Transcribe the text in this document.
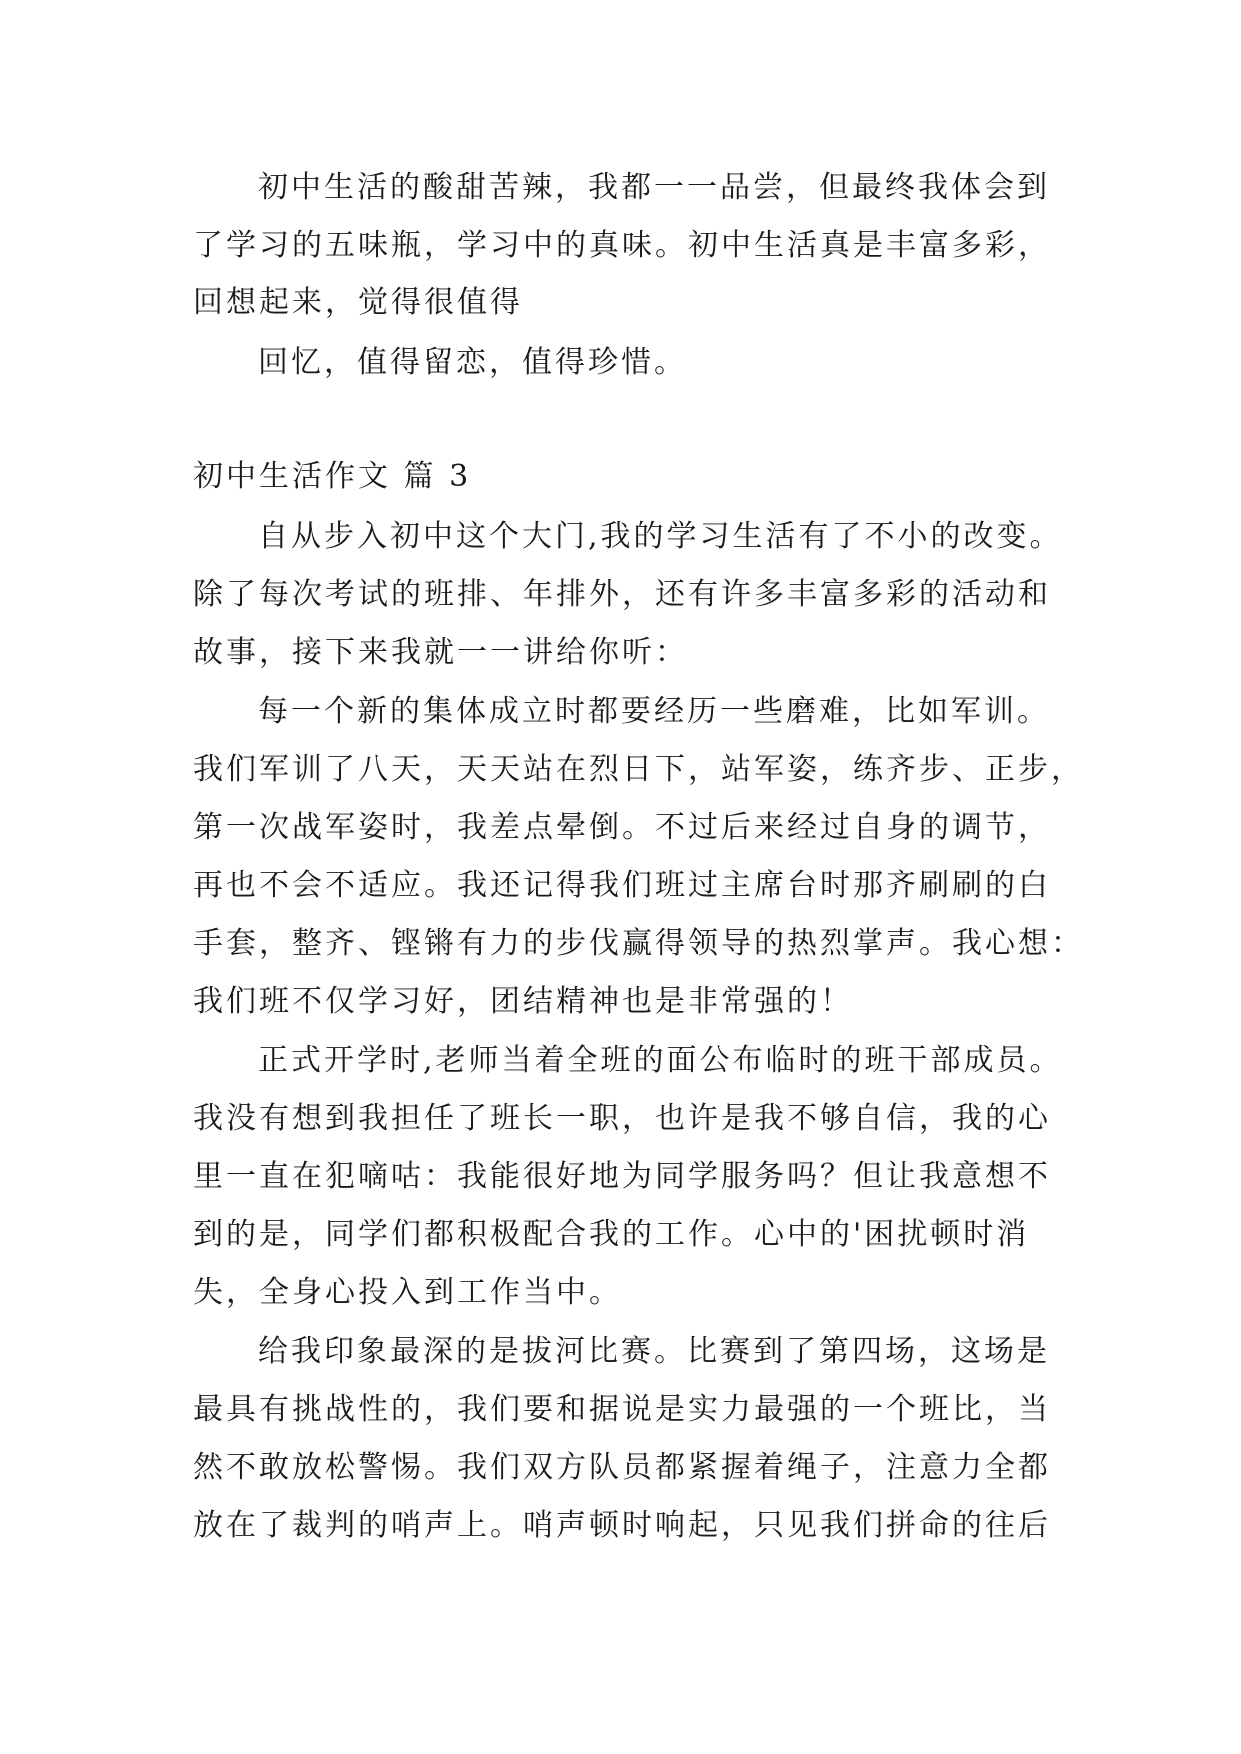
初中生活的酸甜苦辣，我都一一品尝，但最终我体会到
了学习的五味瓶，学习中的真味。初中生活真是丰富多彩，
回想起来，觉得很值得
回忆，值得留恋，值得珍惜。
初中生活作文 篇 3
自从步入初中这个大门,我的学习生活有了不小的改变。
除了每次考试的班排、年排外，还有许多丰富多彩的活动和
故事，接下来我就一一讲给你听：
每一个新的集体成立时都要经历一些磨难，比如军训。
我们军训了八天，天天站在烈日下，站军姿，练齐步、正步，
第一次战军姿时，我差点晕倒。不过后来经过自身的调节，
再也不会不适应。我还记得我们班过主席台时那齐刷刷的白
手套，整齐、铿锵有力的步伐赢得领导的热烈掌声。我心想：
我们班不仅学习好，团结精神也是非常强的！
正式开学时,老师当着全班的面公布临时的班干部成员。
我没有想到我担任了班长一职，也许是我不够自信，我的心
里一直在犯嘀咕：我能很好地为同学服务吗？但让我意想不
到的是，同学们都积极配合我的工作。心中的'困扰顿时消
失，全身心投入到工作当中。
给我印象最深的是拔河比赛。比赛到了第四场，这场是
最具有挑战性的，我们要和据说是实力最强的一个班比，当
然不敢放松警惕。我们双方队员都紧握着绳子，注意力全都
放在了裁判的哨声上。哨声顿时响起，只见我们拼命的往后
